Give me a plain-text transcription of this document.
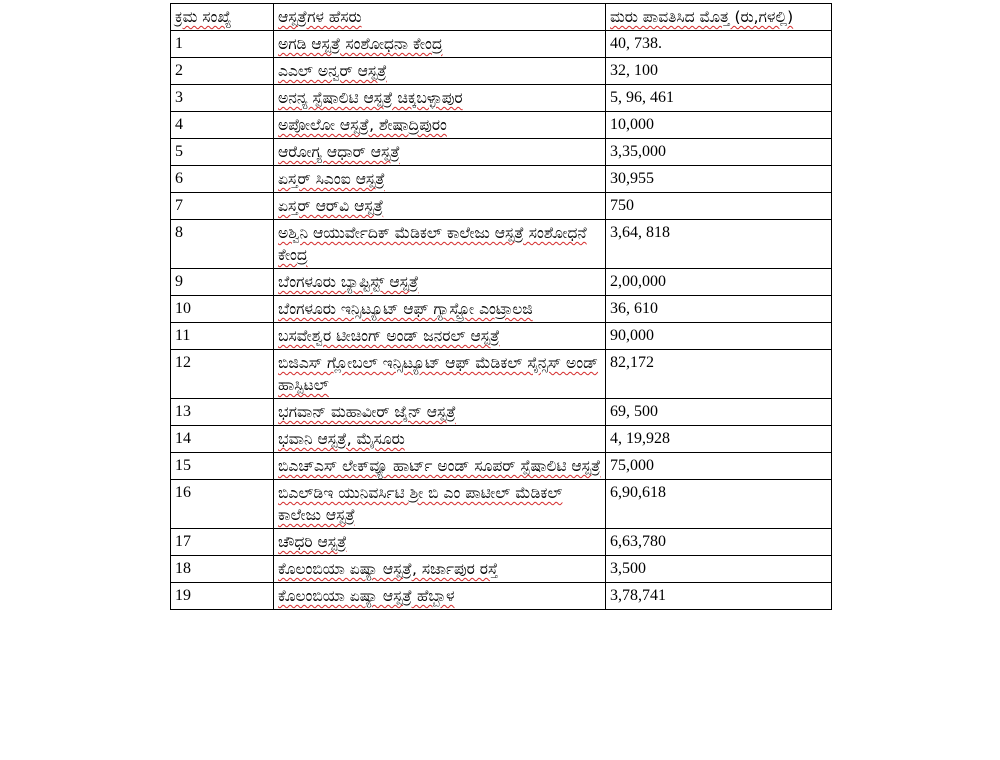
ಕ್ರಮ ಸಂಖ್ಯೆ	ಆಸ್ಪತ್ರೆಗಳ ಹೆಸರು	ಮರು ಪಾವತಿಸಿದ ಮೊತ್ತ (ರು,ಗಳಲ್ಲಿ)
1	ಅಗಡಿ ಆಸ್ಪತ್ರೆ ಸಂಶೋಧನಾ ಕೇಂದ್ರ	40, 738.
2	ಎಎಲ್ ಅನ್ವರ್ ಆಸ್ಪತ್ರೆ	32, 100
3	ಅನನ್ಯ ಸ್ಪೆಷಾಲಿಟಿ ಆಸ್ಪತ್ರೆ ಚಿಕ್ಕಬಳ್ಳಾಪುರ	5, 96, 461
4	ಅಪೋಲೋ ಆಸ್ಪತ್ರೆ, ಶೇಷಾದ್ರಿಪುರಂ	10,000
5	ಆರೋಗ್ಯ ಆಧಾರ್ ಆಸ್ಪತ್ರೆ	3,35,000
6	ಏಸ್ತರ್ ಸಿಎಂಐ ಆಸ್ಪತ್ರೆ	30,955
7	ಏಸ್ತರ್ ಆರ್‌ವಿ ಆಸ್ಪತ್ರೆ	750
8	ಅಶ್ವಿನಿ ಆಯುರ್ವೇದಿಕ್ ಮೆಡಿಕಲ್ ಕಾಲೇಜು ಆಸ್ಪತ್ರೆ ಸಂಶೋಧನೆ ಕೇಂದ್ರ	3,64, 818
9	ಬೆಂಗಳೂರು ಬ್ಯಾಪ್ಟಿಸ್ಟ್ ಆಸ್ಪತ್ರೆ	2,00,000
10	ಬೆಂಗಳೂರು ಇನ್ಸಿಟ್ಯೂಟ್ ಆಫ್ ಗ್ಯಾಸ್ಟ್ರೋ ಎಂಟ್ರಾಲಜಿ	36, 610
11	ಬಸವೇಶ್ವರ ಟೀಚಿಂಗ್ ಅಂಡ್ ಜನರಲ್ ಆಸ್ಪತ್ರೆ	90,000
12	ಬಿಜಿಎಸ್ ಗ್ಲೋಬಲ್ ಇನ್ಸಿಟ್ಯೂಟ್ ಆಫ್ ಮೆಡಿಕಲ್ ಸೈನ್ಸಸ್ ಅಂಡ್ ಹಾಸ್ಪಿಟಲ್	82,172
13	ಭಗವಾನ್ ಮಹಾವೀರ್ ಜೈನ್ ಆಸ್ಪತ್ರೆ	69, 500
14	ಭವಾನಿ ಆಸ್ಪತ್ರೆ, ಮೈಸೂರು	4, 19,928
15	ಬಿಎಚ್‌ಎಸ್ ಲೇಕ್‌ವ್ಯೂ ಹಾರ್ಟ್ ಅಂಡ್ ಸೂಪರ್ ಸ್ಪೆಷಾಲಿಟಿ ಆಸ್ಪತ್ರೆ	75,000
16	ಬಿಎಲ್‌ಡಿಇ ಯುನಿವರ್ಸಿಟಿ ಶ್ರೀ ಬಿ ಎಂ ಪಾಟೀಲ್ ಮೆಡಿಕಲ್ ಕಾಲೇಜು ಆಸ್ಪತ್ರೆ	6,90,618
17	ಚೌಧರಿ ಆಸ್ಪತ್ರೆ	6,63,780
18	ಕೊಲಂಬಿಯಾ ಏಷ್ಯಾ ಆಸ್ಪತ್ರೆ, ಸರ್ಜಾಪುರ ರಸ್ತೆ	3,500
19	ಕೊಲಂಬಿಯಾ ಏಷ್ಯಾ ಆಸ್ಪತ್ರೆ ಹೆಬ್ಬಾಳ	3,78,741
